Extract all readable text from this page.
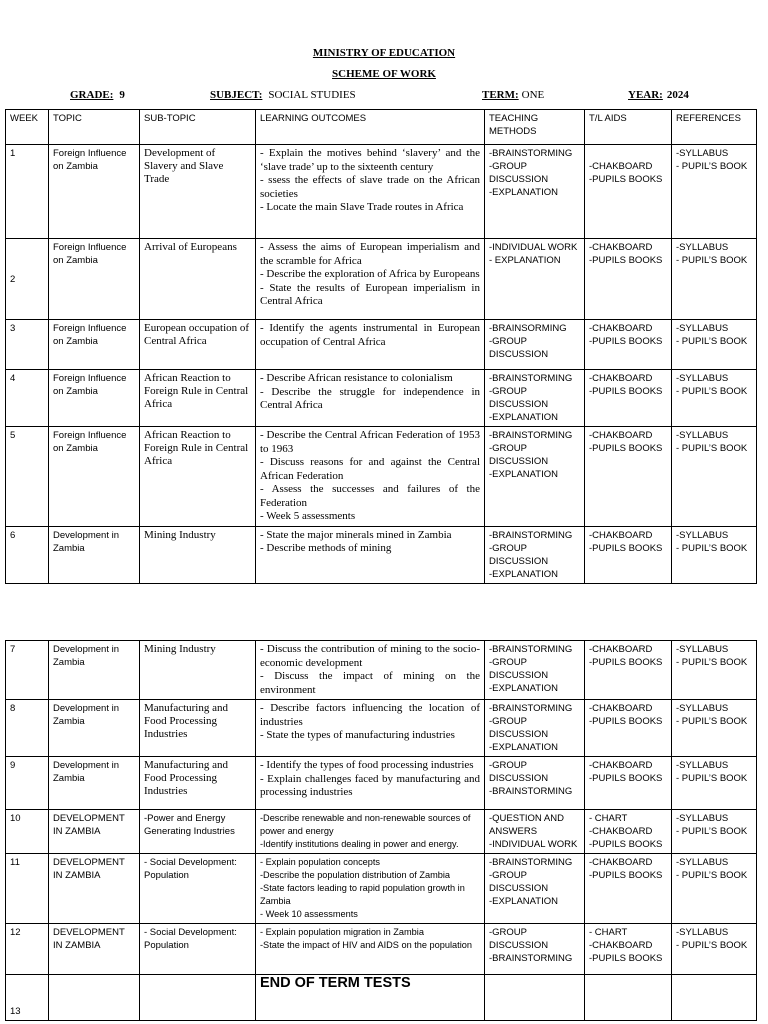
MINISTRY OF EDUCATION
SCHEME OF WORK
GRADE: 9	SUBJECT: SOCIAL STUDIES	TERM: ONE	YEAR: 2024
WEEK	TOPIC	SUB-TOPIC	LEARNING OUTCOMES	TEACHING METHODS	T/L AIDS	REFERENCES
1	Foreign Influence on Zambia	Development of Slavery and Slave Trade	- Explain the motives behind ‘slavery’ and the ‘slave trade’ up to the sixteenth century
- ssess the effects of slave trade on the African societies
- Locate the main Slave Trade routes in Africa	-BRAINSTORMING
-GROUP DISCUSSION
-EXPLANATION	-CHAKBOARD
-PUPILS BOOKS	-SYLLABUS
- PUPIL’S BOOK

2	Foreign Influence on Zambia	Arrival of Europeans	- Assess the aims of European imperialism and the scramble for Africa
- Describe the exploration of Africa by Europeans
- State the results of European imperialism in Central Africa	-INDIVIDUAL WORK
- EXPLANATION	-CHAKBOARD
-PUPILS BOOKS	-SYLLABUS
- PUPIL’S BOOK

3	Foreign Influence on Zambia	European occupation of Central Africa	- Identify the agents instrumental in European occupation of Central Africa	-BRAINSORMING
-GROUP DISCUSSION	-CHAKBOARD
-PUPILS BOOKS	-SYLLABUS
- PUPIL’S BOOK

4	Foreign Influence on Zambia	African Reaction to Foreign Rule in Central Africa	- Describe African resistance to colonialism
- Describe the struggle for independence in Central Africa	-BRAINSTORMING
-GROUP DISCUSSION
-EXPLANATION	-CHAKBOARD
-PUPILS BOOKS	-SYLLABUS
- PUPIL’S BOOK

5	Foreign Influence on Zambia	African Reaction to Foreign Rule in Central Africa	- Describe the Central African Federation of 1953 to 1963
- Discuss reasons for and against the Central African Federation
- Assess the successes and failures of the Federation
- Week 5 assessments	-BRAINSTORMING
-GROUP DISCUSSION
-EXPLANATION	-CHAKBOARD
-PUPILS BOOKS	-SYLLABUS
- PUPIL’S BOOK

6	Development in Zambia	Mining Industry	- State the major minerals mined in Zambia
- Describe methods of mining	-BRAINSTORMING
-GROUP DISCUSSION
-EXPLANATION	-CHAKBOARD
-PUPILS BOOKS	-SYLLABUS
- PUPIL’S BOOK
7	Development in Zambia	Mining Industry	- Discuss the contribution of mining to the socio-economic development
- Discuss the impact of mining on the environment	-BRAINSTORMING
-GROUP DISCUSSION
-EXPLANATION	-CHAKBOARD
-PUPILS BOOKS	-SYLLABUS
- PUPIL’S BOOK

8	Development in Zambia	Manufacturing and Food Processing Industries	- Describe factors influencing the location of industries
- State the types of manufacturing industries	-BRAINSTORMING
-GROUP DISCUSSION
-EXPLANATION	-CHAKBOARD
-PUPILS BOOKS	-SYLLABUS
- PUPIL’S BOOK

9	Development in Zambia	Manufacturing and Food Processing Industries	- Identify the types of food processing industries
- Explain challenges faced by manufacturing and processing industries	-GROUP DISCUSSION
-BRAINSTORMING	-CHAKBOARD
-PUPILS BOOKS	-SYLLABUS
- PUPIL’S BOOK

10	DEVELOPMENT IN ZAMBIA	-Power and Energy Generating Industries	-Describe renewable and non-renewable sources of power and energy
-Identify institutions dealing in power and energy.	-QUESTION AND ANSWERS
-INDIVIDUAL WORK	- CHART
-CHAKBOARD
-PUPILS BOOKS	-SYLLABUS
- PUPIL’S BOOK

11	DEVELOPMENT IN ZAMBIA	- Social Development: Population	- Explain population concepts
-Describe the population distribution of Zambia
-State factors leading to rapid population growth in Zambia
- Week 10 assessments	-BRAINSTORMING
-GROUP DISCUSSION
-EXPLANATION	-CHAKBOARD
-PUPILS BOOKS	-SYLLABUS
- PUPIL’S BOOK

12	DEVELOPMENT IN ZAMBIA	- Social Development: Population	- Explain population migration in Zambia
-State the impact of HIV and AIDS on the population	-GROUP DISCUSSION
-BRAINSTORMING	- CHART
-CHAKBOARD
-PUPILS BOOKS	-SYLLABUS
- PUPIL’S BOOK

13			END OF TERM TESTS			
